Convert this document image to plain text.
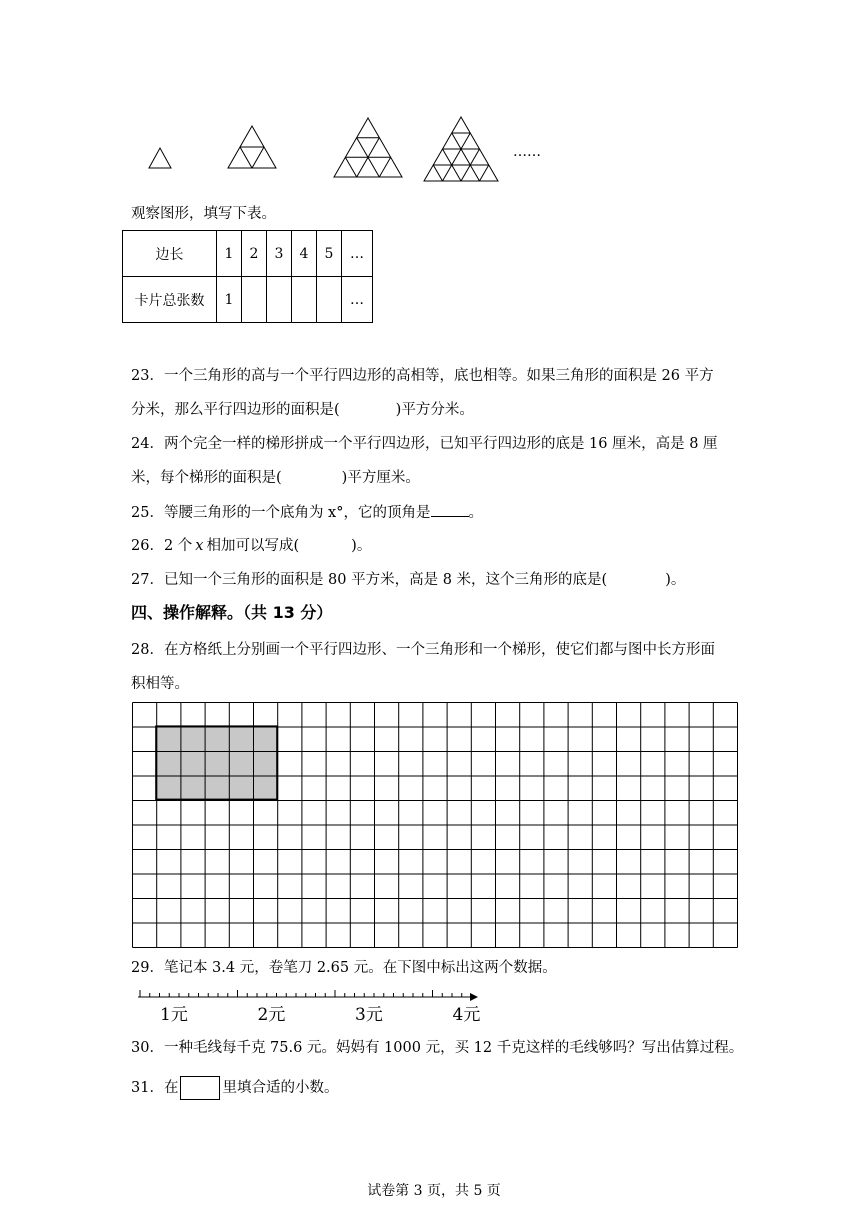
……
观察图形，填写下表。
边长	1	2	3	4	5	…
卡片总张数	1					…
23．一个三角形的高与一个平行四边形的高相等，底也相等。如果三角形的面积是 26 平方
分米，那么平行四边形的面积是(	)平方分米。
24．两个完全一样的梯形拼成一个平行四边形，已知平行四边形的底是 16 厘米，高是 8 厘
米，每个梯形的面积是(	)平方厘米。
25．等腰三角形的一个底角为 x°，它的顶角是	。
26．2 个 x 相加可以写成(	)。
27．已知一个三角形的面积是 80 平方米，高是 8 米，这个三角形的底是(	)。
四、操作解释。（共 13 分）
28．在方格纸上分别画一个平行四边形、一个三角形和一个梯形，使它们都与图中长方形面
积相等。
29．笔记本 3.4 元，卷笔刀 2.65 元。在下图中标出这两个数据。
1元	2元	3元	4元
30．一种毛线每千克 75.6 元。妈妈有 1000 元，买 12 千克这样的毛线够吗？写出估算过程。
31．在	里填合适的小数。
试卷第 3 页，共 5 页
